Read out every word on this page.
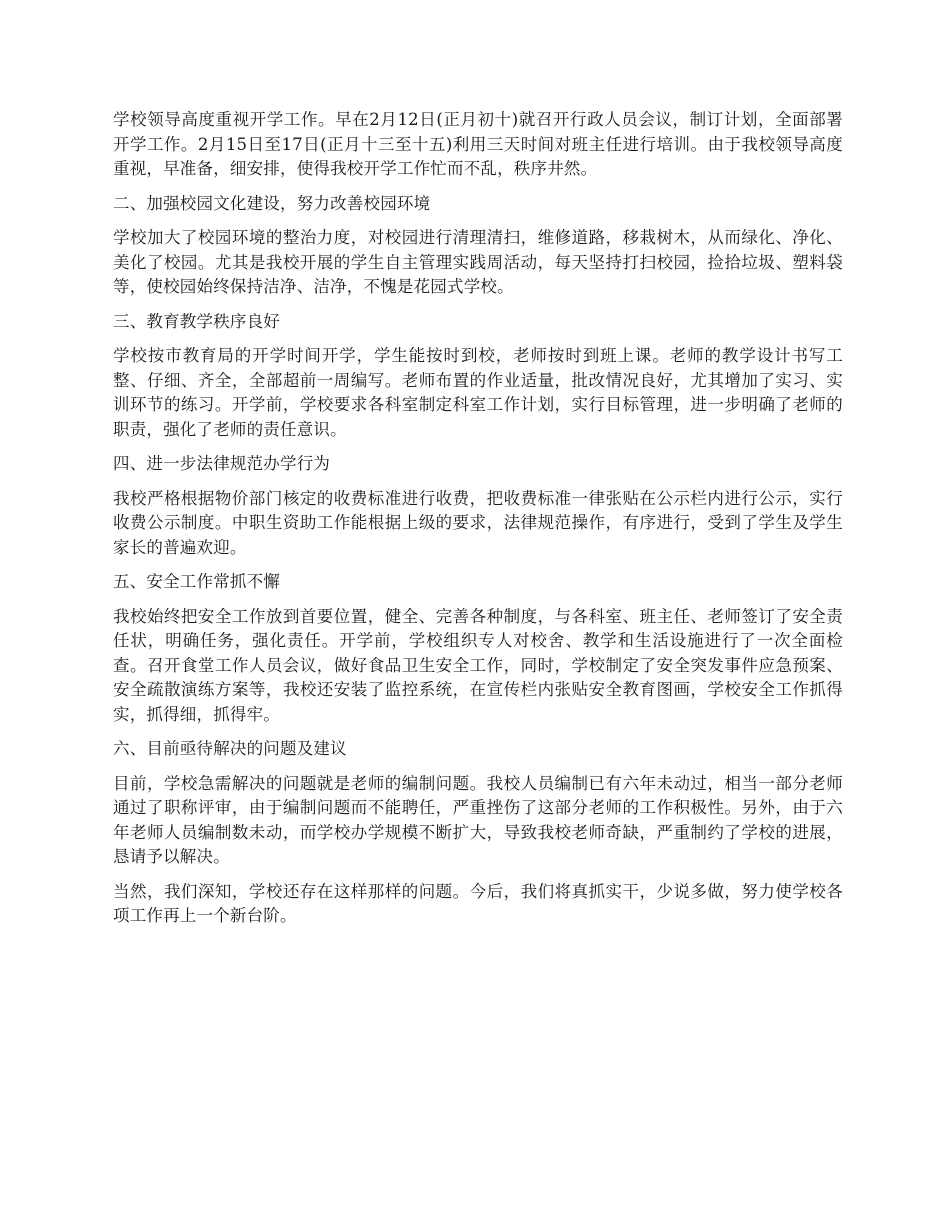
学校领导高度重视开学工作。早在2月12日(正月初十)就召开行政人员会议，制订计划，全面部署开学工作。2月15日至17日(正月十三至十五)利用三天时间对班主任进行培训。由于我校领导高度重视，早准备，细安排，使得我校开学工作忙而不乱，秩序井然。

二、加强校园文化建设，努力改善校园环境

学校加大了校园环境的整治力度，对校园进行清理清扫，维修道路，移栽树木，从而绿化、净化、美化了校园。尤其是我校开展的学生自主管理实践周活动，每天坚持打扫校园，捡拾垃圾、塑料袋等，使校园始终保持洁净、洁净，不愧是花园式学校。

三、教育教学秩序良好

学校按市教育局的开学时间开学，学生能按时到校，老师按时到班上课。老师的教学设计书写工整、仔细、齐全，全部超前一周编写。老师布置的作业适量，批改情况良好，尤其增加了实习、实训环节的练习。开学前，学校要求各科室制定科室工作计划，实行目标管理，进一步明确了老师的职责，强化了老师的责任意识。

四、进一步法律规范办学行为

我校严格根据物价部门核定的收费标准进行收费，把收费标准一律张贴在公示栏内进行公示，实行收费公示制度。中职生资助工作能根据上级的要求，法律规范操作，有序进行，受到了学生及学生家长的普遍欢迎。

五、安全工作常抓不懈

我校始终把安全工作放到首要位置，健全、完善各种制度，与各科室、班主任、老师签订了安全责任状，明确任务，强化责任。开学前，学校组织专人对校舍、教学和生活设施进行了一次全面检查。召开食堂工作人员会议，做好食品卫生安全工作，同时，学校制定了安全突发事件应急预案、安全疏散演练方案等，我校还安装了监控系统，在宣传栏内张贴安全教育图画，学校安全工作抓得实，抓得细，抓得牢。

六、目前亟待解决的问题及建议

目前，学校急需解决的问题就是老师的编制问题。我校人员编制已有六年未动过，相当一部分老师通过了职称评审，由于编制问题而不能聘任，严重挫伤了这部分老师的工作积极性。另外，由于六年老师人员编制数未动，而学校办学规模不断扩大，导致我校老师奇缺，严重制约了学校的进展，恳请予以解决。

当然，我们深知，学校还存在这样那样的问题。今后，我们将真抓实干，少说多做，努力使学校各项工作再上一个新台阶。
